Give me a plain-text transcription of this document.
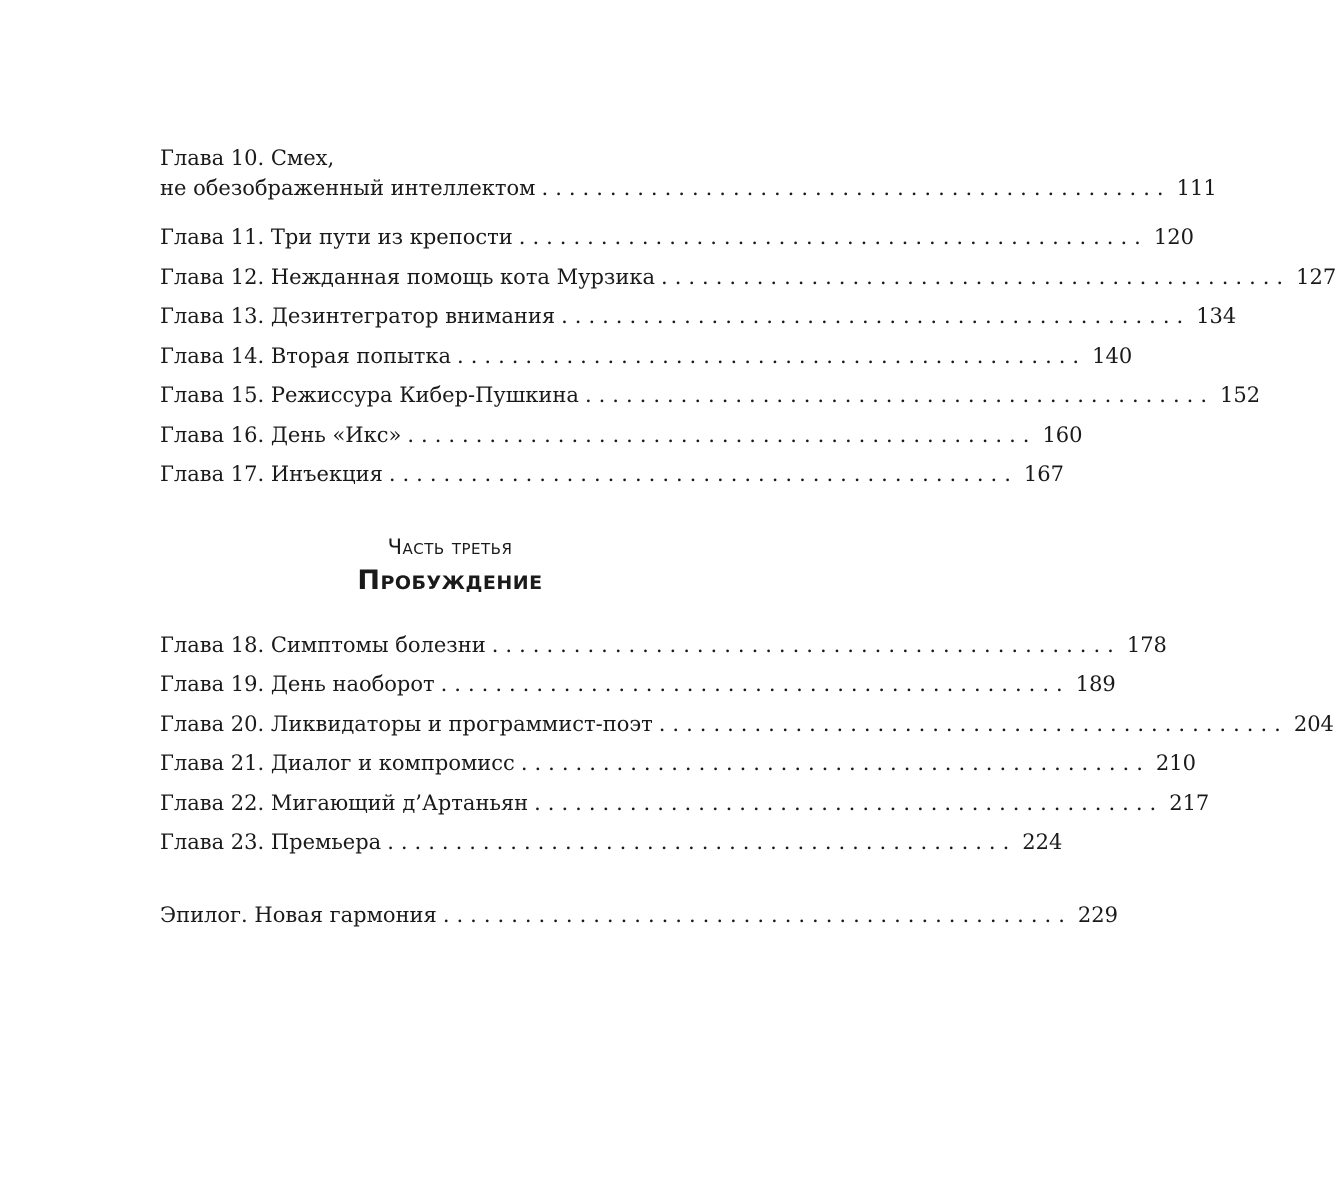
Глава 10. Смех,
не обезображенный интеллектом .............................................. 111
Глава 11. Три пути из крепости .............................................. 120
Глава 12. Нежданная помощь кота Мурзика .............................................. 127
Глава 13. Дезинтегратор внимания .............................................. 134
Глава 14. Вторая попытка .............................................. 140
Глава 15. Режиссура Кибер-Пушкина .............................................. 152
Глава 16. День «Икс» .............................................. 160
Глава 17. Инъекция .............................................. 167
Часть третья
Пробуждение
Глава 18. Симптомы болезни .............................................. 178
Глава 19. День наоборот .............................................. 189
Глава 20. Ликвидаторы и программист-поэт .............................................. 204
Глава 21. Диалог и компромисс .............................................. 210
Глава 22. Мигающий д’Артаньян .............................................. 217
Глава 23. Премьера .............................................. 224
Эпилог. Новая гармония .............................................. 229
